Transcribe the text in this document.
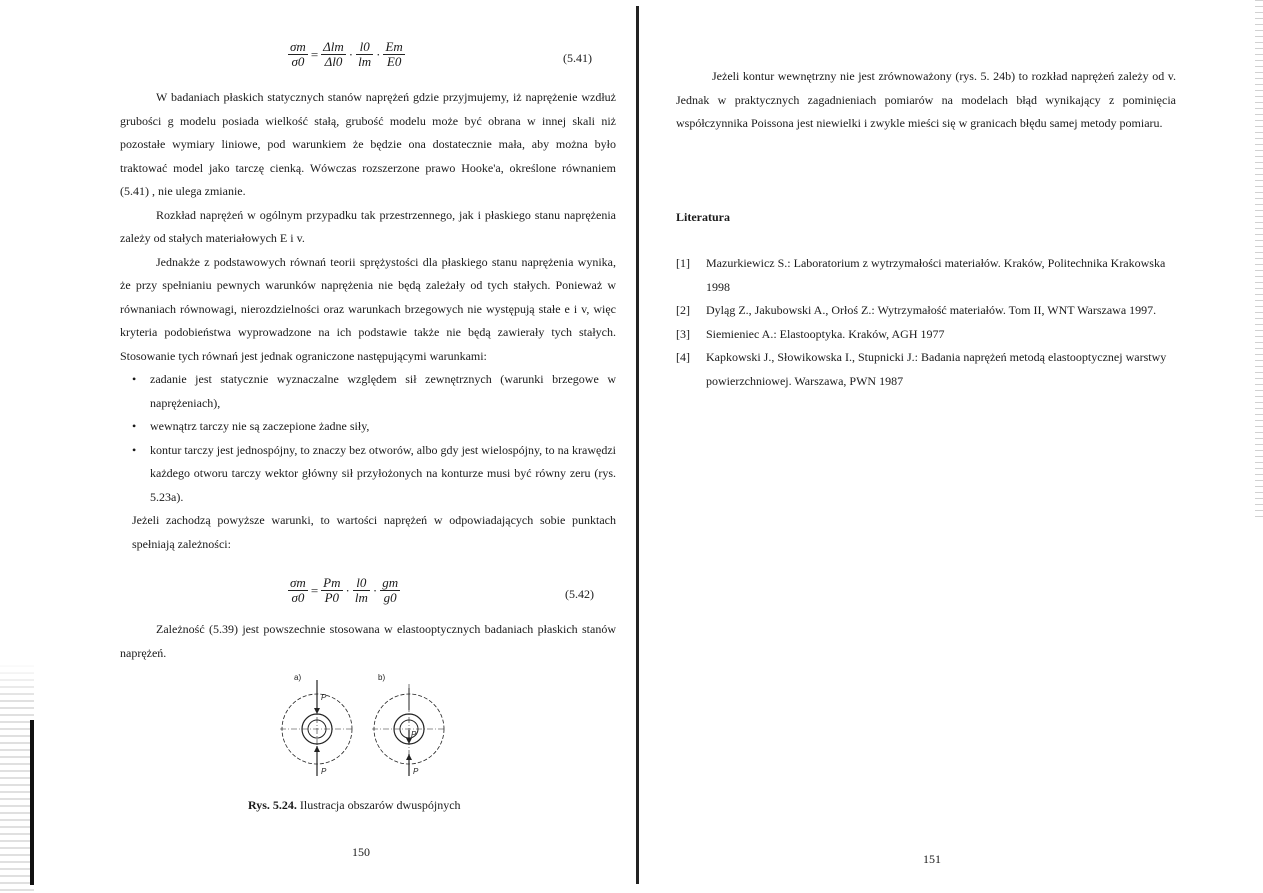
$\frac{\sigma m}{\sigma 0} = \frac{\text{Δlm}}{\Delta l0} \cdot \frac{l0}{lm} \cdot \frac{Em}{E0}$	(5.41)

W badaniach płaskich statycznych stanów naprężeń gdzie przyjmujemy, iż naprężenie wzdłuż grubości g modelu posiada wielkość stałą, grubość modelu może być obrana w innej skali niż pozostałe wymiary liniowe, pod warunkiem że będzie ona dostatecznie mała, aby można było traktować model jako tarczę cienką. Wówczas rozszerzone prawo Hooke'a, określone równaniem (5.41) , nie ulega zmianie.

Rozkład naprężeń w ogólnym przypadku tak przestrzennego, jak i płaskiego stanu naprężenia zależy od stałych materiałowych E i v.

Jednakże z podstawowych równań teorii sprężystości dla płaskiego stanu naprężenia wynika, że przy spełnianiu pewnych warunków naprężenia nie będą zależały od tych stałych. Ponieważ w równaniach równowagi, nierozdzielności oraz warunkach brzegowych nie występują stałe e i v, więc kryteria podobieństwa wyprowadzone na ich podstawie także nie będą zawierały tych stałych. Stosowanie tych równań jest jednak ograniczone następującymi warunkami:

• zadanie jest statycznie wyznaczalne względem sił zewnętrznych (warunki brzegowe w naprężeniach),
• wewnątrz tarczy nie są zaczepione żadne siły,
• kontur tarczy jest jednospójny, to znaczy bez otworów, albo gdy jest wielospójny, to na krawędzi każdego otworu tarczy wektor główny sił przyłożonych na konturze musi być równy zeru (rys. 5.23a).

Jeżeli zachodzą powyższe warunki, to wartości naprężeń w odpowiadających sobie punktach spełniają zależności:

$\frac{\sigma m}{\sigma 0} = \frac{Pm}{P0} \cdot \frac{l0}{lm} \cdot \frac{gm}{g0}$	(5.42)

Zależność (5.39) jest powszechnie stosowana w elastooptycznych badaniach płaskich stanów naprężeń.

a)	b)
P
P
P
P
Rys. 5.24. Ilustracja obszarów dwuspójnych
150

Jeżeli kontur wewnętrzny nie jest zrównoważony (rys. 5. 24b) to rozkład naprężeń zależy od v. Jednak w praktycznych zagadnieniach pomiarów na modelach błąd wynikający z pominięcia współczynnika Poissona jest niewielki i zwykle mieści się w granicach błędu samej metody pomiaru.

Literatura
[1] Mazurkiewicz S.: Laboratorium z wytrzymałości materiałów. Kraków, Politechnika Krakowska 1998
[2] Dyląg Z., Jakubowski A., Orłoś Z.: Wytrzymałość materiałów. Tom II, WNT Warszawa 1997.
[3] Siemieniec A.: Elastooptyka. Kraków, AGH 1977
[4] Kapkowski J., Słowikowska I., Stupnicki J.: Badania naprężeń metodą elastooptycznej warstwy powierzchniowej. Warszawa, PWN 1987
151
